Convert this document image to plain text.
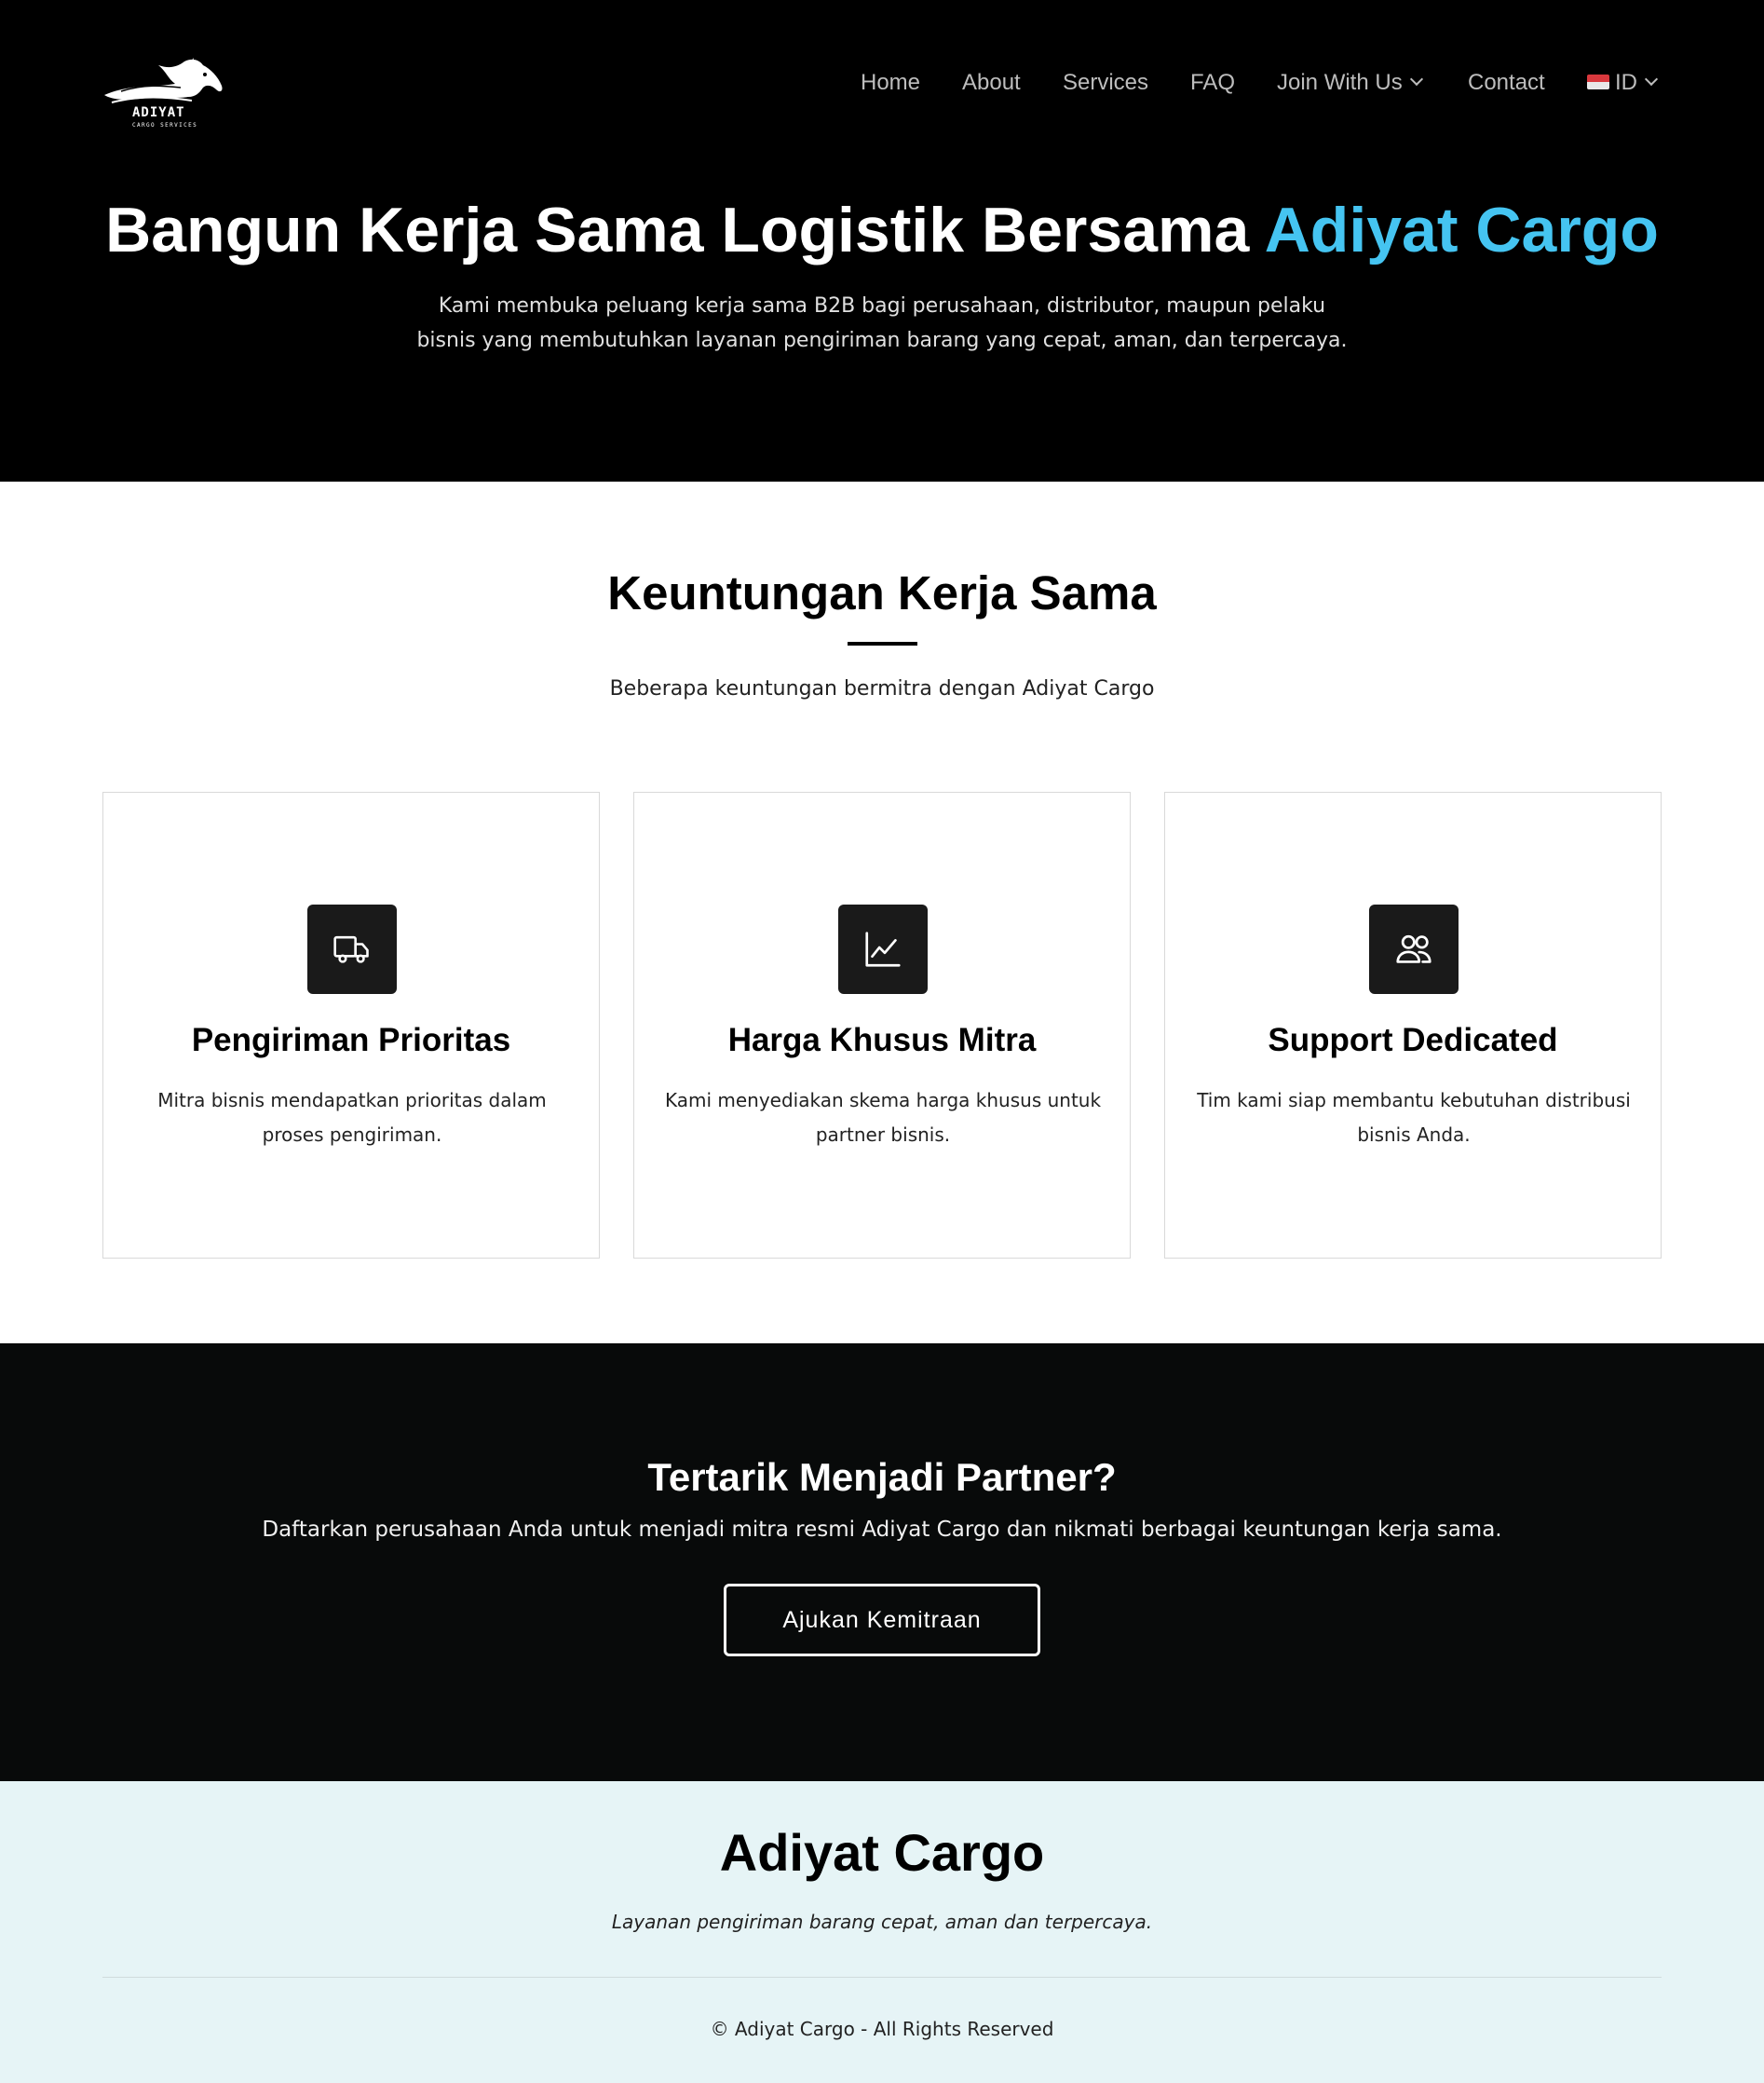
ADIYAT
CARGO SERVICES
Home About Services FAQ Join With Us	Contact	ID
Bangun Kerja Sama Logistik Bersama Adiyat Cargo

Kami membuka peluang kerja sama B2B bagi perusahaan, distributor, maupun pelaku bisnis yang membutuhkan layanan pengiriman barang yang cepat, aman, dan terpercaya.

Keuntungan Kerja Sama

Beberapa keuntungan bermitra dengan Adiyat Cargo

Pengiriman Prioritas

Mitra bisnis mendapatkan prioritas dalam proses pengiriman.

Harga Khusus Mitra

Kami menyediakan skema harga khusus untuk partner bisnis.

Support Dedicated

Tim kami siap membantu kebutuhan distribusi bisnis Anda.

Tertarik Menjadi Partner?

Daftarkan perusahaan Anda untuk menjadi mitra resmi Adiyat Cargo dan nikmati berbagai keuntungan kerja sama.

Ajukan Kemitraan
Adiyat Cargo

Layanan pengiriman barang cepat, aman dan terpercaya.

© Adiyat Cargo - All Rights Reserved
